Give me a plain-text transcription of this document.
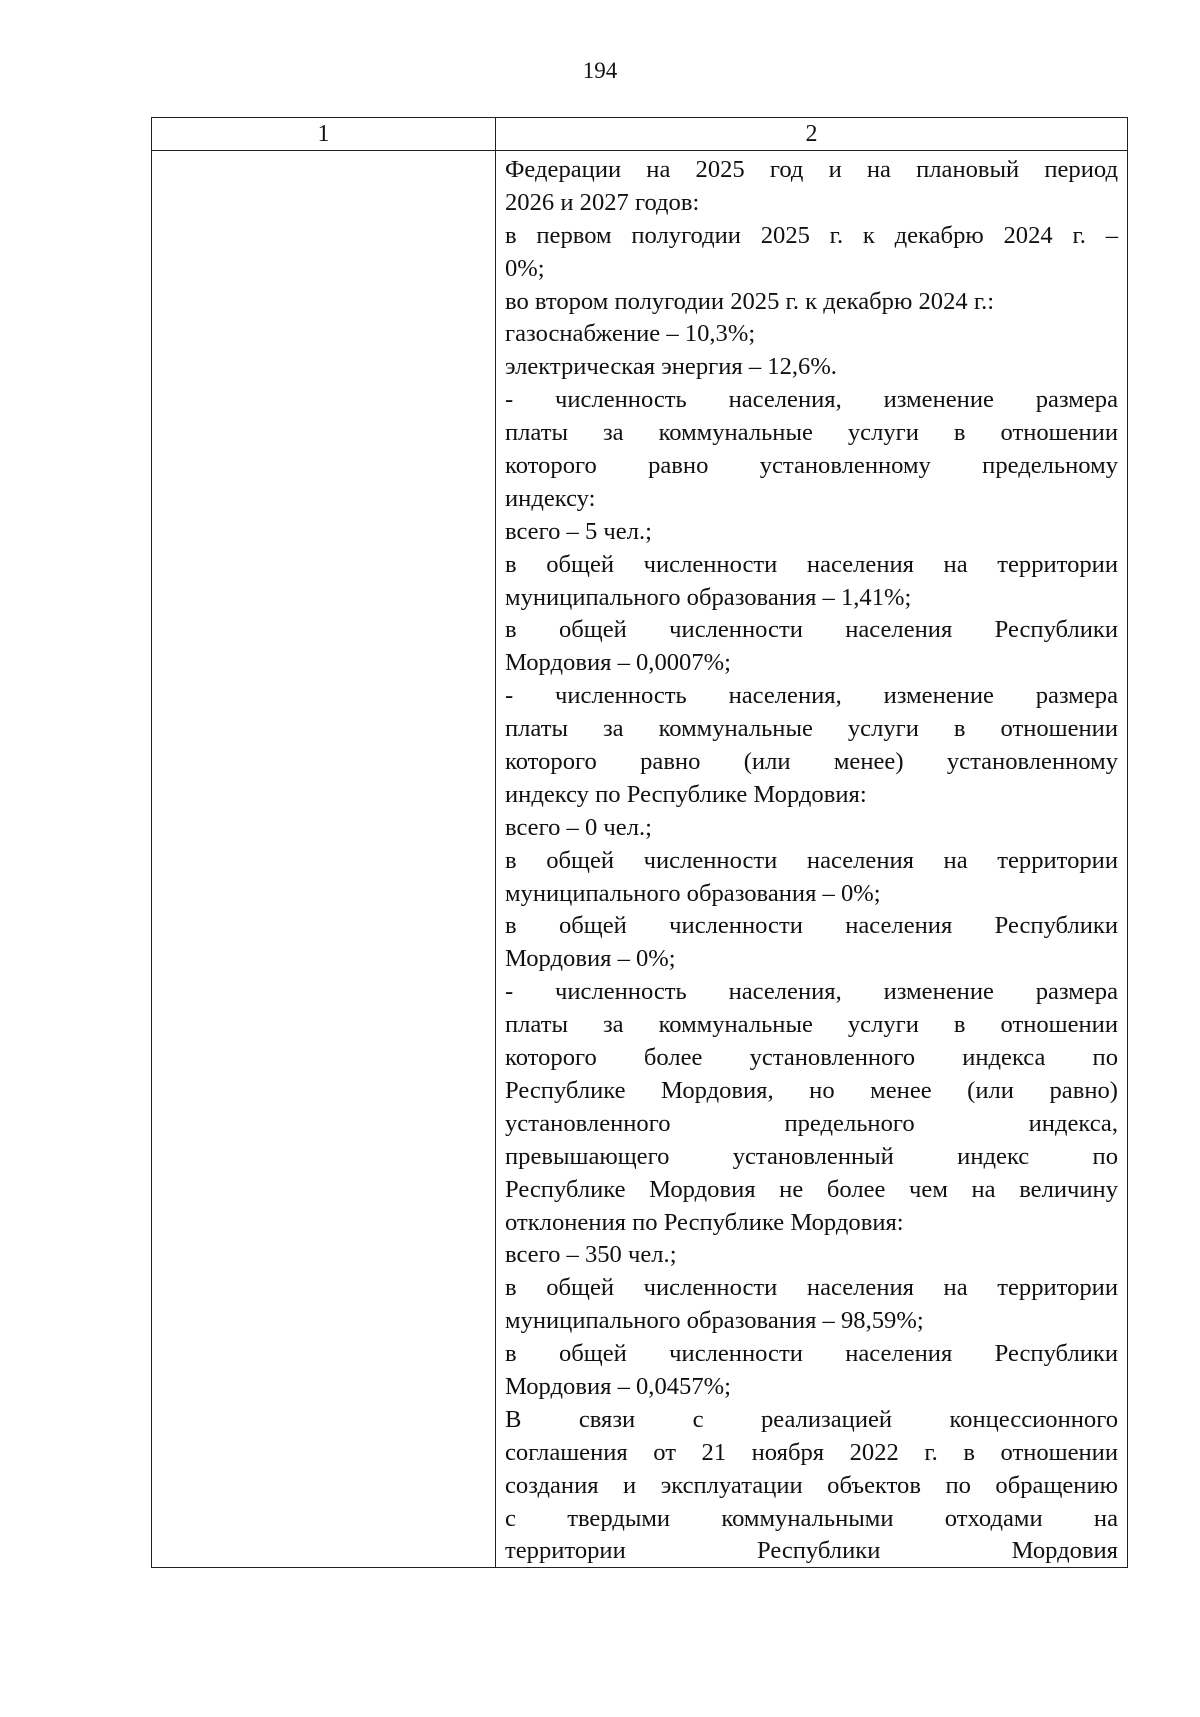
194
1	2
Федерации на 2025 год и на плановый период
2026 и 2027 годов:
в первом полугодии 2025 г. к декабрю 2024 г. –
0%;
во втором полугодии 2025 г. к декабрю 2024 г.:
газоснабжение – 10,3%;
электрическая энергия – 12,6%.
- численность населения, изменение размера
платы за коммунальные услуги в отношении
которого равно установленному предельному
индексу:
всего – 5 чел.;
в общей численности населения на территории
муниципального образования – 1,41%;
в общей численности населения Республики
Мордовия – 0,0007%;
- численность населения, изменение размера
платы за коммунальные услуги в отношении
которого равно (или менее) установленному
индексу по Республике Мордовия:
всего – 0 чел.;
в общей численности населения на территории
муниципального образования – 0%;
в общей численности населения Республики
Мордовия – 0%;
- численность населения, изменение размера
платы за коммунальные услуги в отношении
которого более установленного индекса по
Республике Мордовия, но менее (или равно)
установленного предельного индекса,
превышающего установленный индекс по
Республике Мордовия не более чем на величину
отклонения по Республике Мордовия:
всего – 350 чел.;
в общей численности населения на территории
муниципального образования – 98,59%;
в общей численности населения Республики
Мордовия – 0,0457%;
В связи с реализацией концессионного
соглашения от 21 ноября 2022 г. в отношении
создания и эксплуатации объектов по обращению
с твердыми коммунальными отходами на
территории Республики Мордовия
